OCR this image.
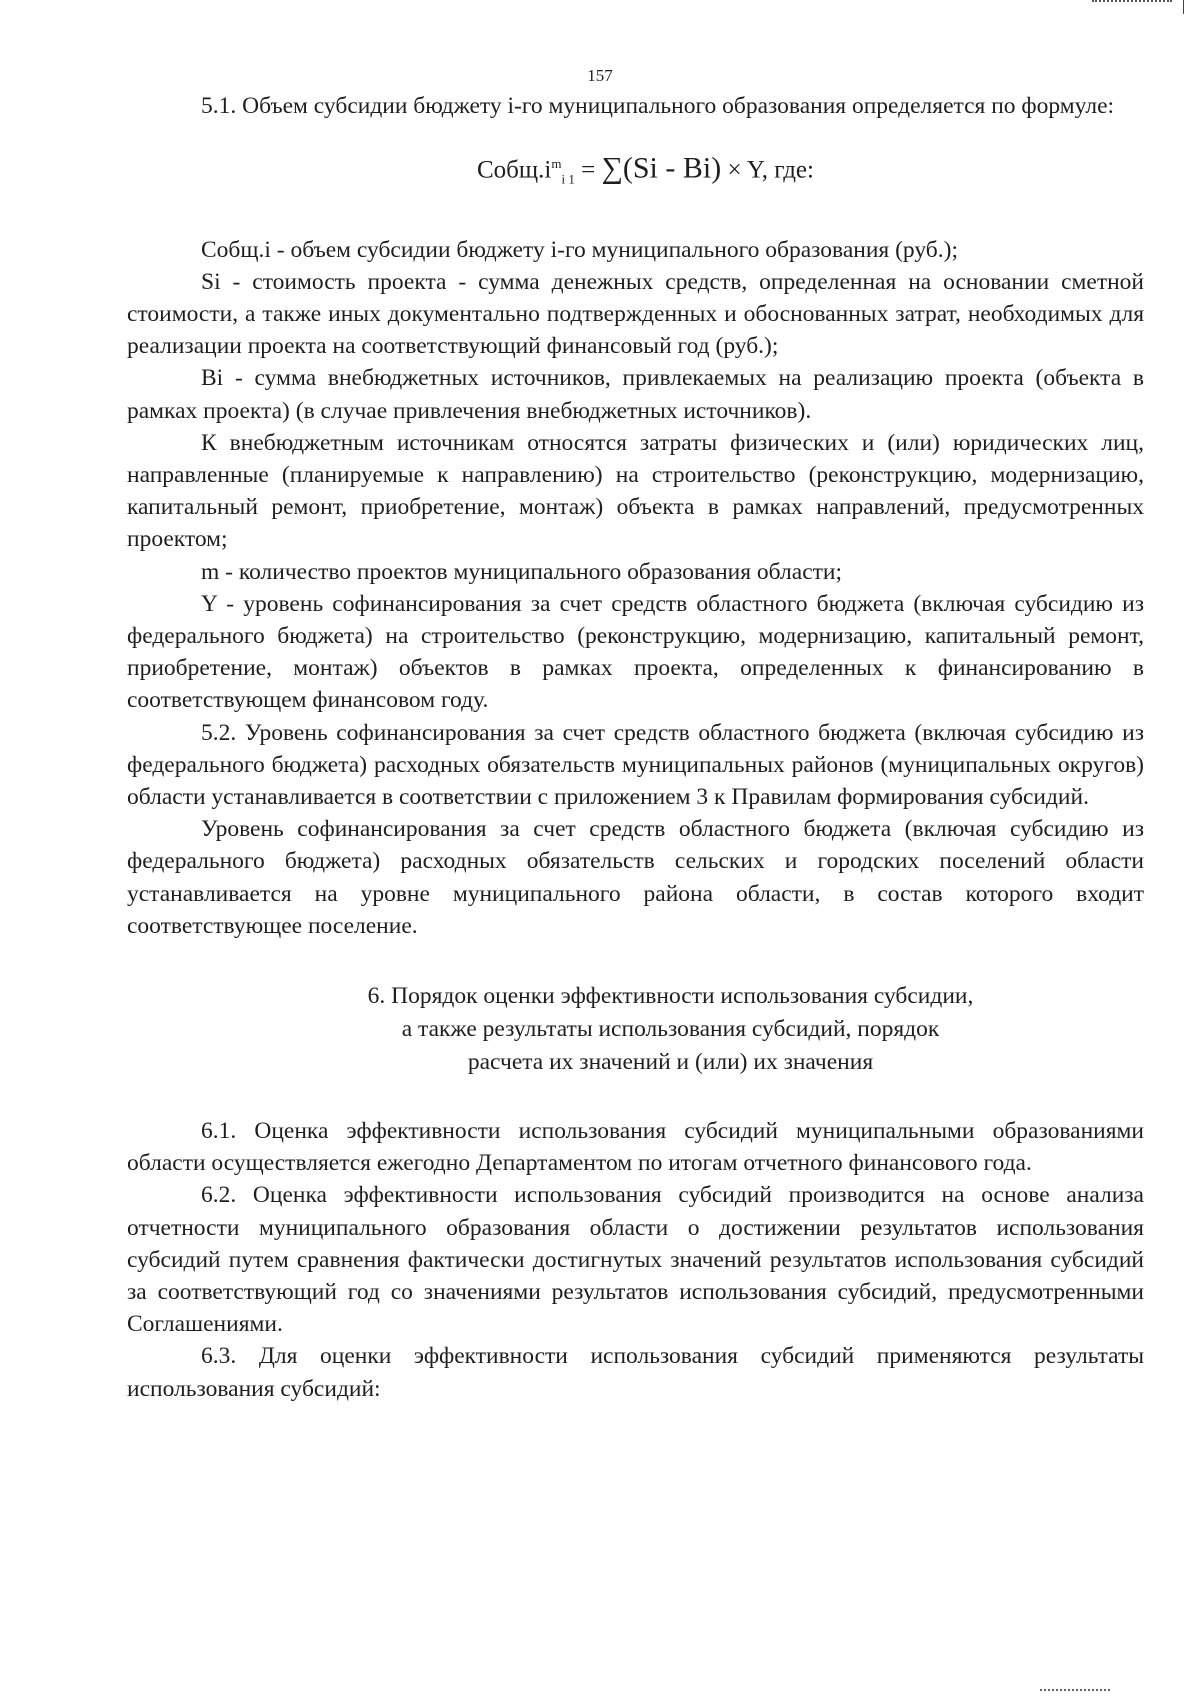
157

5.1. Объем субсидии бюджету i-го муниципального образования определяется по формуле:

$Собщ.i^m_{i 1} = \sum(Si - Bi) \times Y$, где:

Собщ.i - объем субсидии бюджету i-го муниципального образования (руб.);

Si - стоимость проекта - сумма денежных средств, определенная на основании сметной стоимости, а также иных документально подтвержденных и обоснованных затрат, необходимых для реализации проекта на соответствующий финансовый год (руб.);

Bi - сумма внебюджетных источников, привлекаемых на реализацию проекта (объекта в рамках проекта) (в случае привлечения внебюджетных источников).

К внебюджетным источникам относятся затраты физических и (или) юридических лиц, направленные (планируемые к направлению) на строительство (реконструкцию, модернизацию, капитальный ремонт, приобретение, монтаж) объекта в рамках направлений, предусмотренных проектом;

m - количество проектов муниципального образования области;

Y - уровень софинансирования за счет средств областного бюджета (включая субсидию из федерального бюджета) на строительство (реконструкцию, модернизацию, капитальный ремонт, приобретение, монтаж) объектов в рамках проекта, определенных к финансированию в соответствующем финансовом году.

5.2. Уровень софинансирования за счет средств областного бюджета (включая субсидию из федерального бюджета) расходных обязательств муниципальных районов (муниципальных округов) области устанавливается в соответствии с приложением 3 к Правилам формирования субсидий.

Уровень софинансирования за счет средств областного бюджета (включая субсидию из федерального бюджета) расходных обязательств сельских и городских поселений области устанавливается на уровне муниципального района области, в состав которого входит соответствующее поселение.

6. Порядок оценки эффективности использования субсидии,
а также результаты использования субсидий, порядок
расчета их значений и (или) их значения

6.1. Оценка эффективности использования субсидий муниципальными образованиями области осуществляется ежегодно Департаментом по итогам отчетного финансового года.

6.2. Оценка эффективности использования субсидий производится на основе анализа отчетности муниципального образования области о достижении результатов использования субсидий путем сравнения фактически достигнутых значений результатов использования субсидий за соответствующий год со значениями результатов использования субсидий, предусмотренными Соглашениями.

6.3. Для оценки эффективности использования субсидий применяются результаты использования субсидий:
